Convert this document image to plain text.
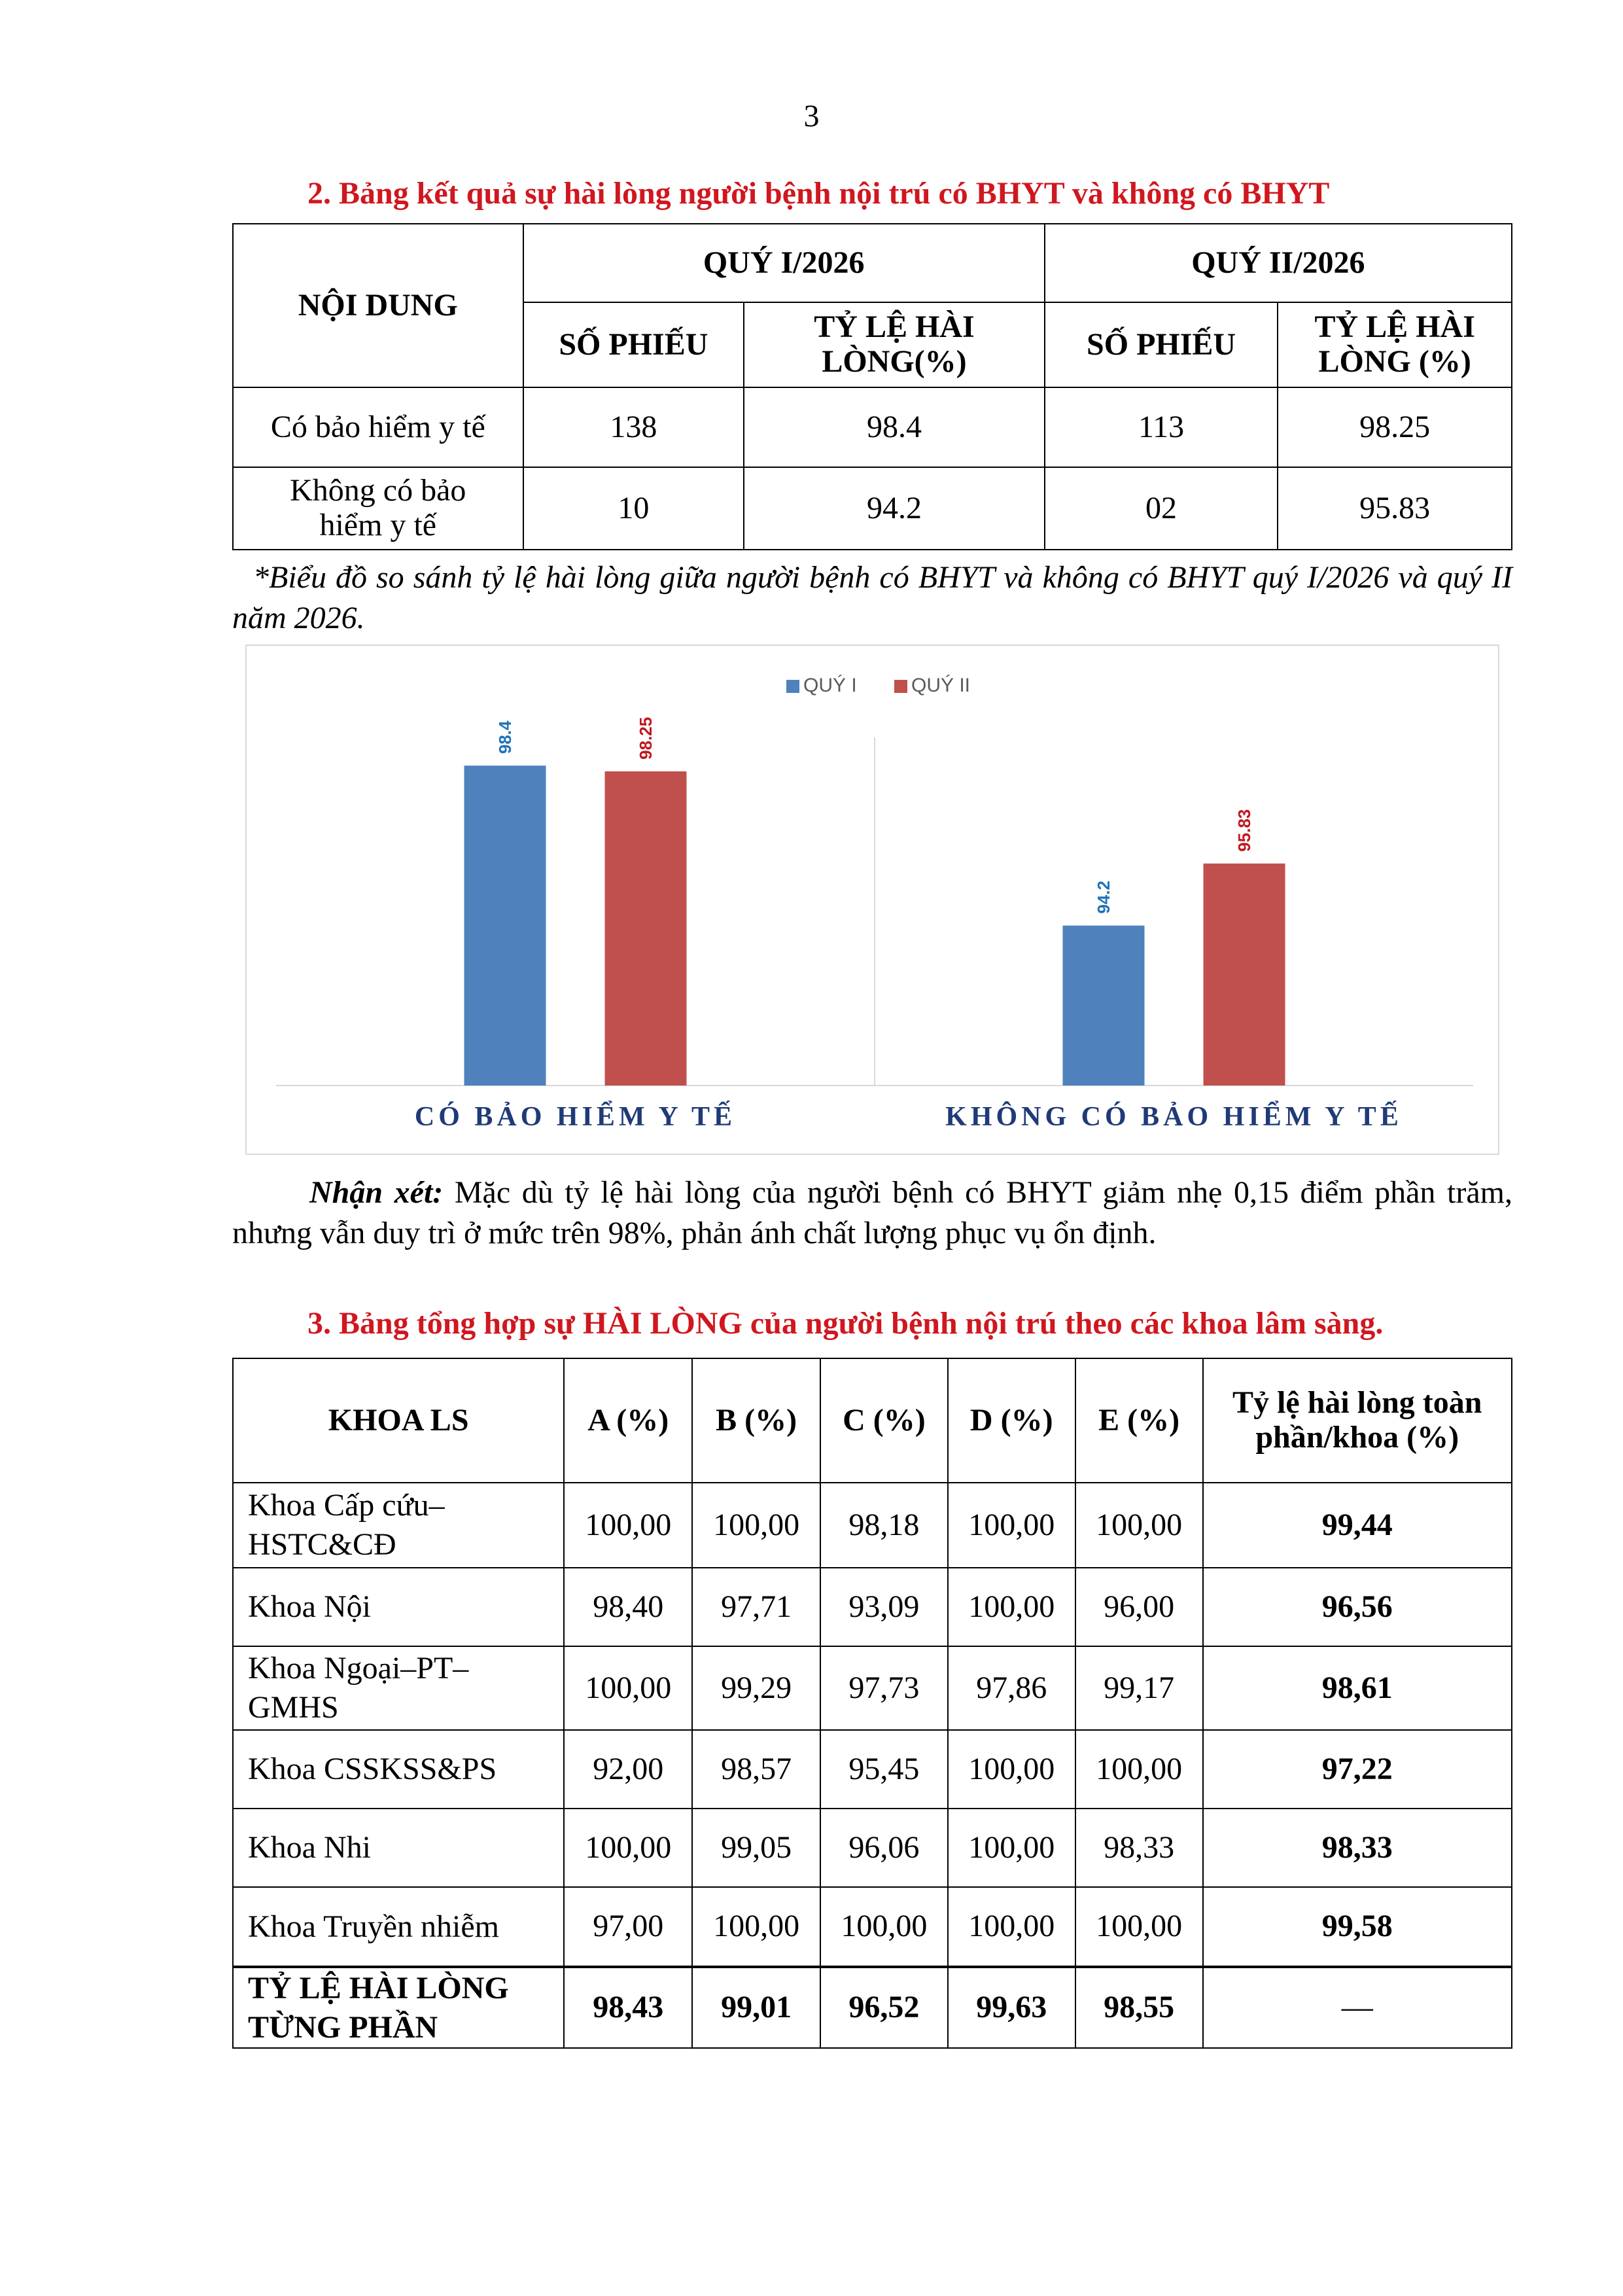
3
2. Bảng kết quả sự hài lòng người bệnh nội trú có BHYT và không có BHYT
NỘI DUNG	QUÝ I/2026		QUÝ II/2026	
	SỐ PHIẾU	TỶ LỆ HÀI LÒNG(%)	SỐ PHIẾU	TỶ LỆ HÀI LÒNG (%)
Có bảo hiểm y tế	138	98.4	113	98.25
Không có bảo hiểm y tế	10	94.2	02	95.83
*Biểu đồ so sánh tỷ lệ hài lòng giữa người bệnh có BHYT và không có BHYT quý I/2026 và quý II năm 2026.
QUÝ I	QUÝ II
98.4	98.25
CÓ BẢO HIỂM Y TẾ
94.2
95.83
KHÔNG CÓ BẢO HIỂM Y TẾ
Nhận xét: Mặc dù tỷ lệ hài lòng của người bệnh có BHYT giảm nhẹ 0,15 điểm phần trăm, nhưng vẫn duy trì ở mức trên 98%, phản ánh chất lượng phục vụ ổn định.
3. Bảng tổng hợp sự HÀI LÒNG của người bệnh nội trú theo các khoa lâm sàng.
KHOA LS	A (%)	B (%)	C (%)	D (%)	E (%)	Tỷ lệ hài lòng toàn phần/khoa (%)
Khoa Cấp cứu–HSTC&CĐ	100,00	100,00	98,18	100,00	100,00	99,44
Khoa Nội	98,40	97,71	93,09	100,00	96,00	96,56
Khoa Ngoại–PT–GMHS	100,00	99,29	97,73	97,86	99,17	98,61
Khoa CSSKSS&PS	92,00	98,57	95,45	100,00	100,00	97,22
Khoa Nhi	100,00	99,05	96,06	100,00	98,33	98,33
Khoa Truyền nhiễm	97,00	100,00	100,00	100,00	100,00	99,58
TỶ LỆ HÀI LÒNG TỪNG PHẦN	98,43	99,01	96,52	99,63	98,55	—
